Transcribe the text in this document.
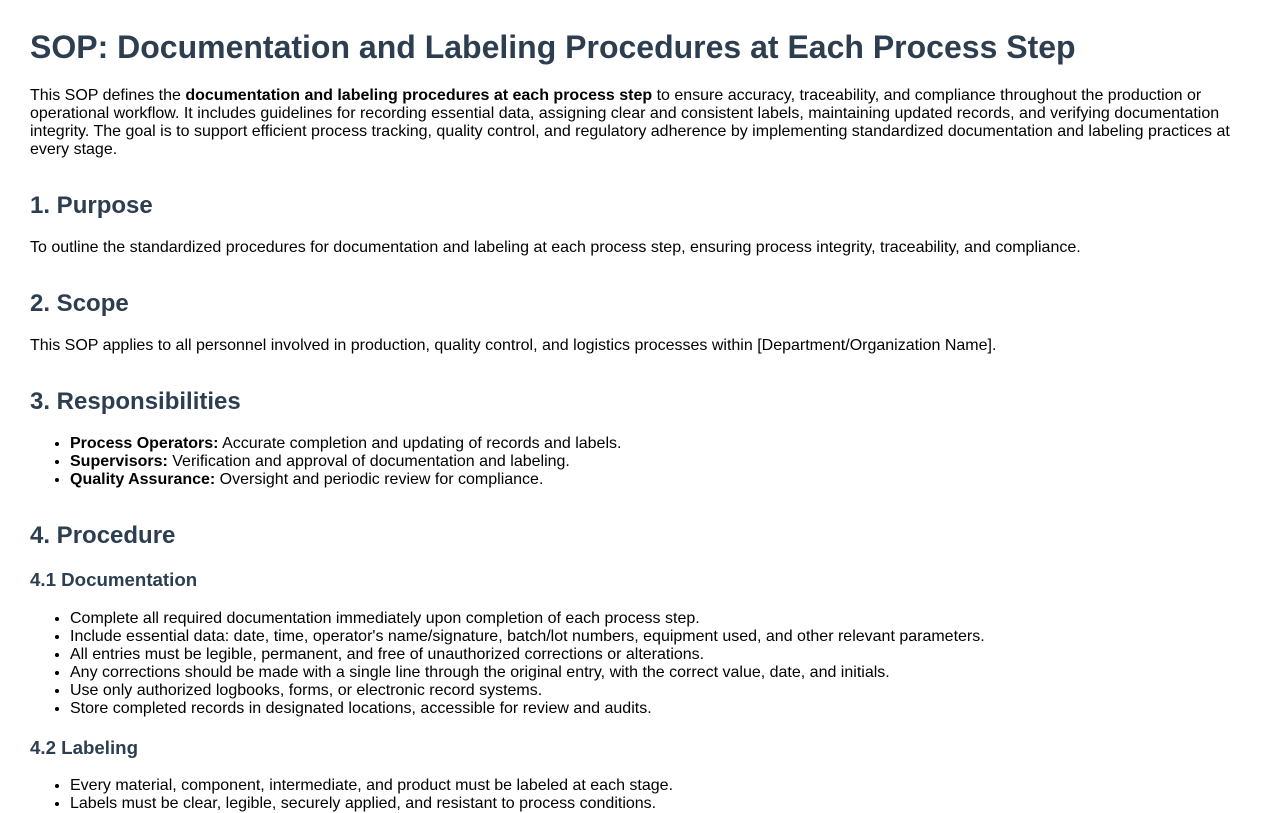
SOP: Documentation and Labeling Procedures at Each Process Step

This SOP defines the documentation and labeling procedures at each process step to ensure accuracy, traceability, and compliance throughout the production or operational workflow. It includes guidelines for recording essential data, assigning clear and consistent labels, maintaining updated records, and verifying documentation integrity. The goal is to support efficient process tracking, quality control, and regulatory adherence by implementing standardized documentation and labeling practices at every stage.

1. Purpose

To outline the standardized procedures for documentation and labeling at each process step, ensuring process integrity, traceability, and compliance.

2. Scope

This SOP applies to all personnel involved in production, quality control, and logistics processes within [Department/Organization Name].

3. Responsibilities
• Process Operators: Accurate completion and updating of records and labels.
• Supervisors: Verification and approval of documentation and labeling.
• Quality Assurance: Oversight and periodic review for compliance.
4. Procedure
4.1 Documentation
• Complete all required documentation immediately upon completion of each process step.
• Include essential data: date, time, operator's name/signature, batch/lot numbers, equipment used, and other relevant parameters.
• All entries must be legible, permanent, and free of unauthorized corrections or alterations.
• Any corrections should be made with a single line through the original entry, with the correct value, date, and initials.
• Use only authorized logbooks, forms, or electronic record systems.
• Store completed records in designated locations, accessible for review and audits.
4.2 Labeling
• Every material, component, intermediate, and product must be labeled at each stage.
• Labels must be clear, legible, securely applied, and resistant to process conditions.
